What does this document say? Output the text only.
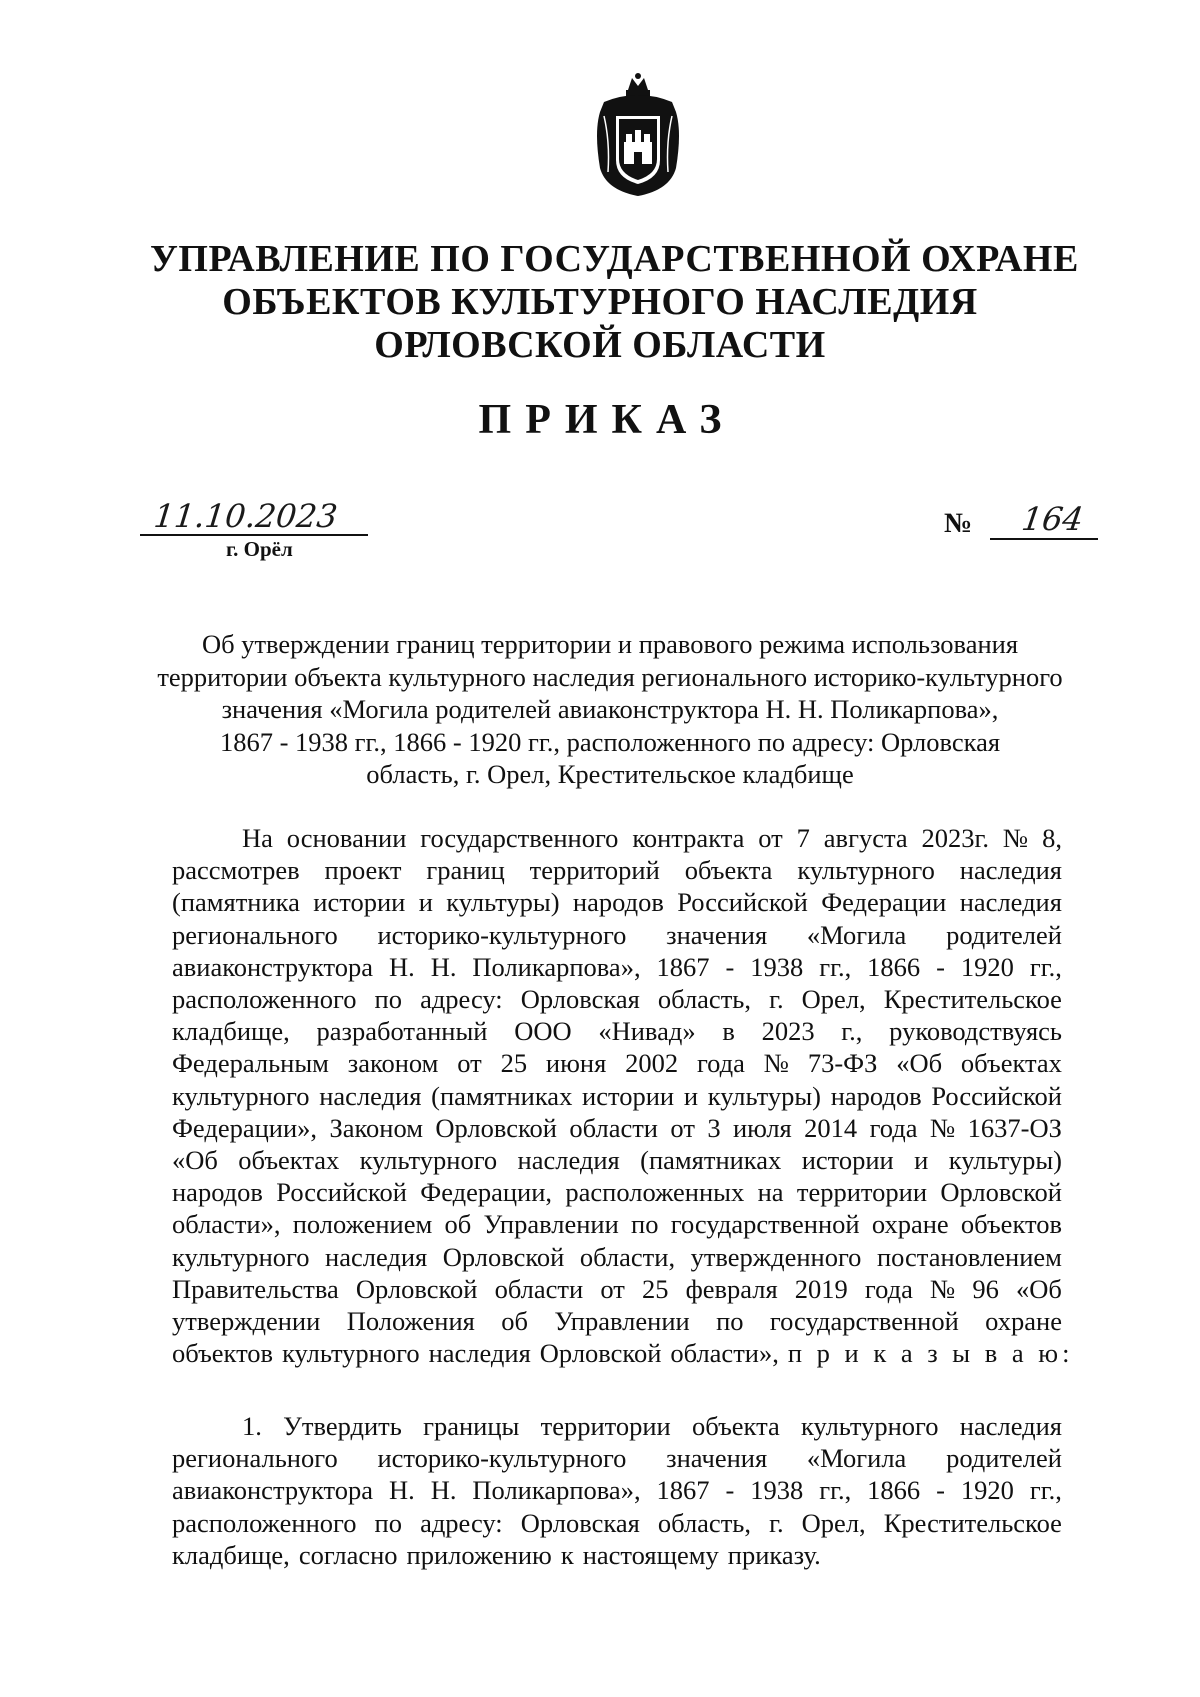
УПРАВЛЕНИЕ ПО ГОСУДАРСТВЕННОЙ ОХРАНЕ
ОБЪЕКТОВ КУЛЬТУРНОГО НАСЛЕДИЯ
ОРЛОВСКОЙ ОБЛАСТИ
ПРИКАЗ
11.10.2023
г. Орёл
№ 164
Об утверждении границ территории и правового режима использования
территории объекта культурного наследия регионального историко-культурного
значения «Могила родителей авиаконструктора Н. Н. Поликарпова»,
1867 - 1938 гг., 1866 - 1920 гг., расположенного по адресу: Орловская
область, г. Орел, Крестительское кладбище
На основании государственного контракта от 7 августа 2023г. № 8,
рассмотрев проект границ территорий объекта культурного наследия
(памятника истории и культуры) народов Российской Федерации наследия
регионального историко-культурного значения «Могила родителей
авиаконструктора Н. Н. Поликарпова», 1867 - 1938 гг., 1866 - 1920 гг.,
расположенного по адресу: Орловская область, г. Орел, Крестительское
кладбище, разработанный ООО «Нивад» в 2023 г., руководствуясь
Федеральным законом от 25 июня 2002 года № 73-ФЗ «Об объектах
культурного наследия (памятниках истории и культуры) народов Российской
Федерации», Законом Орловской области от 3 июля 2014 года № 1637-ОЗ
«Об объектах культурного наследия (памятниках истории и культуры)
народов Российской Федерации, расположенных на территории Орловской
области», положением об Управлении по государственной охране объектов
культурного наследия Орловской области, утвержденного постановлением
Правительства Орловской области от 25 февраля 2019 года № 96 «Об
утверждении Положения об Управлении по государственной охране
объектов культурного наследия Орловской области», п р и к а з ы в а ю:
1. Утвердить границы территории объекта культурного наследия
регионального историко-культурного значения «Могила родителей
авиаконструктора Н. Н. Поликарпова», 1867 - 1938 гг., 1866 - 1920 гг.,
расположенного по адресу: Орловская область, г. Орел, Крестительское
кладбище, согласно приложению к настоящему приказу.
